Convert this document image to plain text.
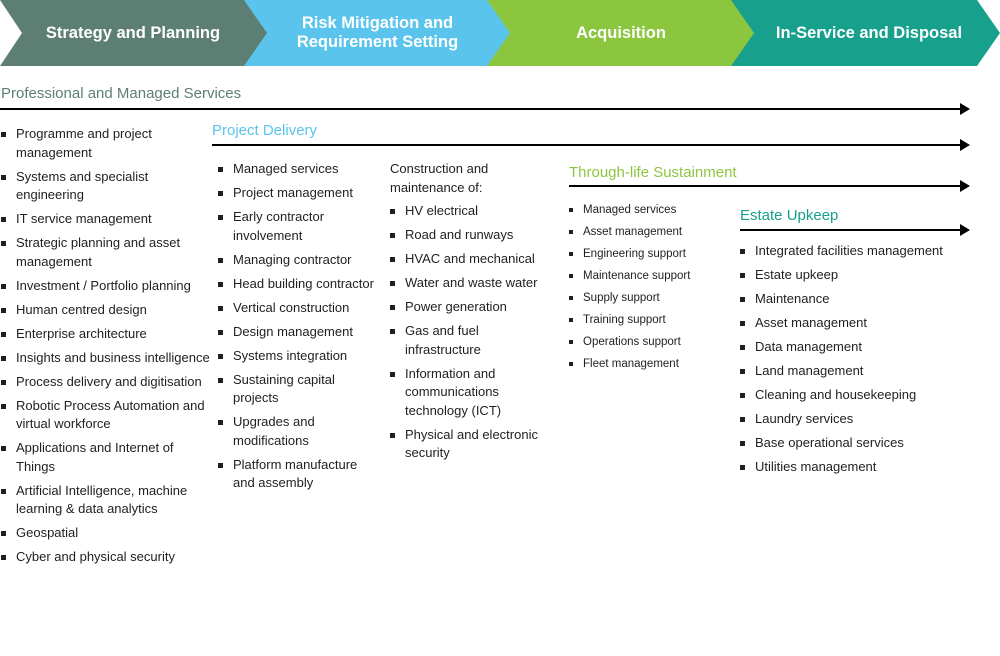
Strategy and Planning
Risk Mitigation and Requirement Setting
Acquisition	In-Service and Disposal
Professional and Managed Services
Programme and project management
Systems and specialist engineering
IT service management
Strategic planning and asset management
Investment / Portfolio planning
Human centred design
Enterprise architecture
Insights and business intelligence
Process delivery and digitisation
Robotic Process Automation and virtual workforce
Applications and Internet of Things
Artificial Intelligence, machine learning & data analytics
Geospatial
Cyber and physical security
Project Delivery
Managed services
Project management
Early contractor involvement
Managing contractor
Head building contractor
Vertical construction
Design management
Systems integration
Sustaining capital projects
Upgrades and modifications
Platform manufacture and assembly
Construction and maintenance of:
HV electrical
Road and runways
HVAC and mechanical
Water and waste water
Power generation
Gas and fuel infrastructure
Information and communications technology (ICT)
Physical and electronic security
Through-life Sustainment
Managed services
Asset management
Engineering support
Maintenance support
Supply support
Training support
Operations support
Fleet management
Estate Upkeep
Integrated facilities management
Estate upkeep
Maintenance
Asset management
Data management
Land management
Cleaning and housekeeping
Laundry services
Base operational services
Utilities management
